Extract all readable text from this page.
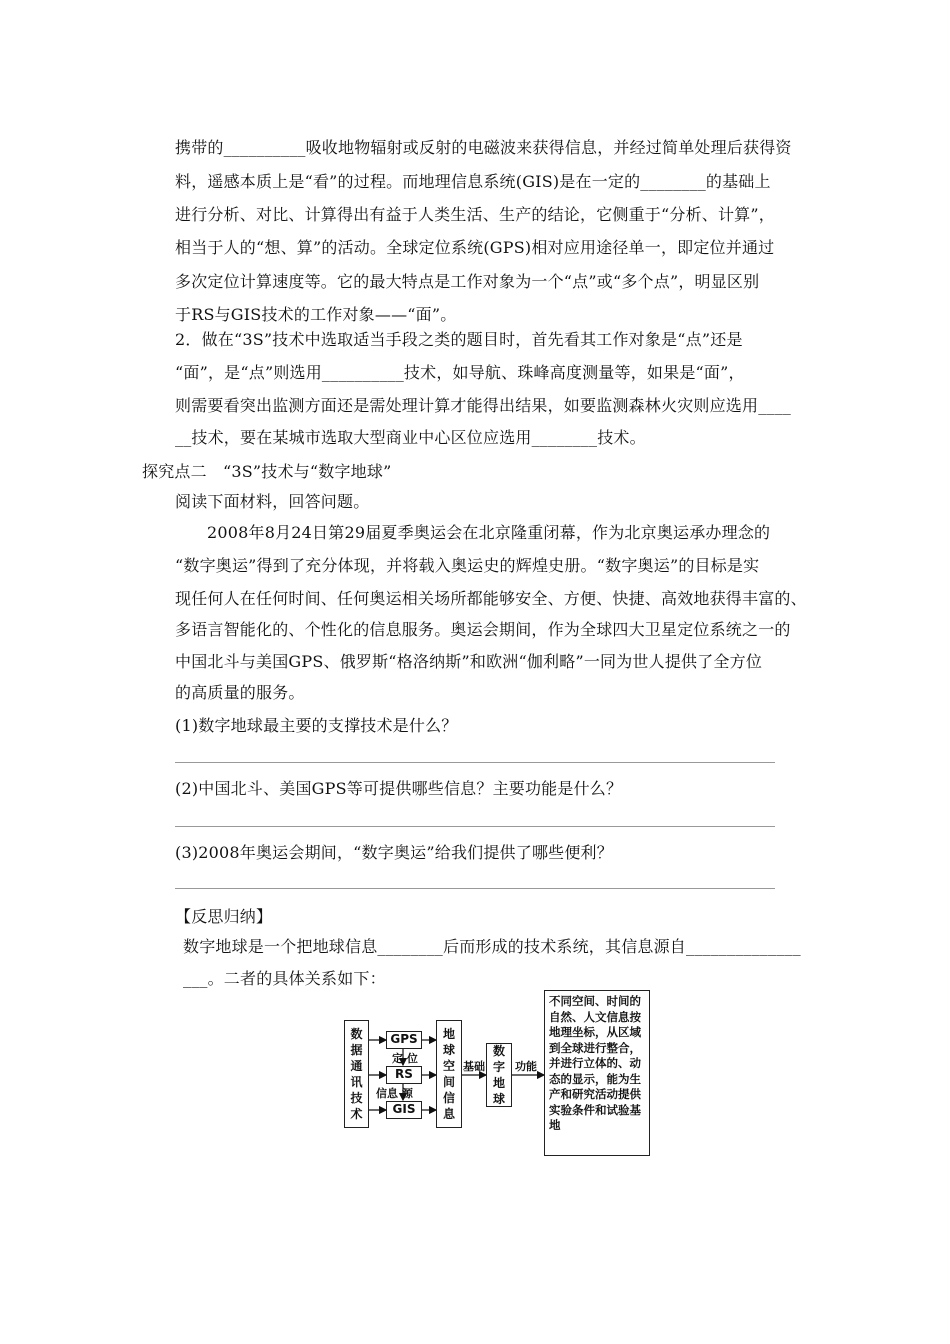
携带的__________吸收地物辐射或反射的电磁波来获得信息，并经过简单处理后获得资
料，遥感本质上是“看”的过程。而地理信息系统(GIS)是在一定的________的基础上
进行分析、对比、计算得出有益于人类生活、生产的结论，它侧重于“分析、计算”，
相当于人的“想、算”的活动。全球定位系统(GPS)相对应用途径单一，即定位并通过
多次定位计算速度等。它的最大特点是工作对象为一个“点”或“多个点”，明显区别
于RS与GIS技术的工作对象——“面”。
2．做在“3S”技术中选取适当手段之类的题目时，首先看其工作对象是“点”还是
“面”，是“点”则选用__________技术，如导航、珠峰高度测量等，如果是“面”，
则需要看突出监测方面还是需处理计算才能得出结果，如要监测森林火灾则应选用____
__技术，要在某城市选取大型商业中心区位应选用________技术。
探究点二　“3S”技术与“数字地球”
阅读下面材料，回答问题。
2008年8月24日第29届夏季奥运会在北京隆重闭幕，作为北京奥运承办理念的
“数字奥运”得到了充分体现，并将载入奥运史的辉煌史册。“数字奥运”的目标是实
现任何人在任何时间、任何奥运相关场所都能够安全、方便、快捷、高效地获得丰富的、
多语言智能化的、个性化的信息服务。奥运会期间，作为全球四大卫星定位系统之一的
中国北斗与美国GPS、俄罗斯“格洛纳斯”和欧洲“伽利略”一同为世人提供了全方位
的高质量的服务。
(1)数字地球最主要的支撑技术是什么？
(2)中国北斗、美国GPS等可提供哪些信息？主要功能是什么？
(3)2008年奥运会期间，“数字奥运”给我们提供了哪些便利？
【反思归纳】
数字地球是一个把地球信息________后而形成的技术系统，其信息源自______________
___。二者的具体关系如下：
数据通讯技术
GPS
定 位
RS
信息 源
GIS
地球空间信息
基础
数字地球
功能
不同空间、时间的自然、人文信息按地理坐标，从区域到全球进行整合，并进行立体的、动态的显示，能为生产和研究活动提供实验条件和试验基地
